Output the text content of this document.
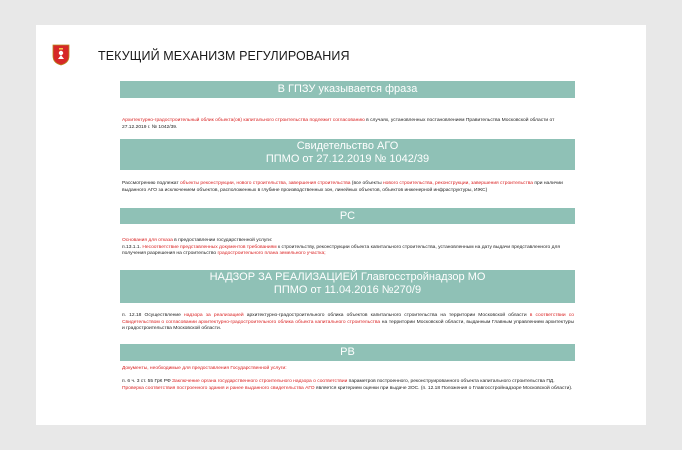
ТЕКУЩИЙ МЕХАНИЗМ РЕГУЛИРОВАНИЯ
В ГПЗУ указывается фраза
Архитектурно-градостроительный облик объекта(ов) капитального строительства подлежит согласованию в случаях, установленных постановлением Правительства Московской области от 27.12.2019 г. № 1042/39.
Свидетельство АГО
ППМО от 27.12.2019 № 1042/39
Рассмотрению подлежат объекты реконструкции, нового строительства, завершения строительства (все объекты нового строительства, реконструкции, завершения строительства при наличии выданного АГО за исключением объектов, расположенных в глубине производственных зон, линейных объектов, объектов инженерной инфраструктуры, ИЖС)
РС
Основания для отказа в предоставлении государственной услуги:
п.13.1.1. Несоответствие представленных документов требованиям к строительству, реконструкции объекта капитального строительства, установленным на дату выдачи представленного для получения разрешения на строительство градостроительного плана земельного участка;
НАДЗОР ЗА РЕАЛИЗАЦИЕЙ Главгосстройнадзор МО
ППМО от 11.04.2016 №270/9
п. 12.18 Осуществление надзора за реализацией архитектурно-градостроительного облика объектов капитального строительства на территории Московской области в соответствии со Свидетельством о согласовании архитектурно-градостроительного облика объекта капитального строительства на территории Московской области, выданным Главным управлением архитектуры и градостроительства Московской области.
РВ
Документы, необходимые для предоставления Государственной услуги:
п. 6 ч. 3 ст. 55 ГрК РФ Заключение органа государственного строительного надзора о соответствии параметров построенного, реконструированного объекта капитального строительства ПД. Проверка соответствия построенного здания и ранее выданного свидетельства АГО является критерием оценки при выдаче ЗОС. (п. 12.18 Положения о Главгосстройнадзоре Московской области).
